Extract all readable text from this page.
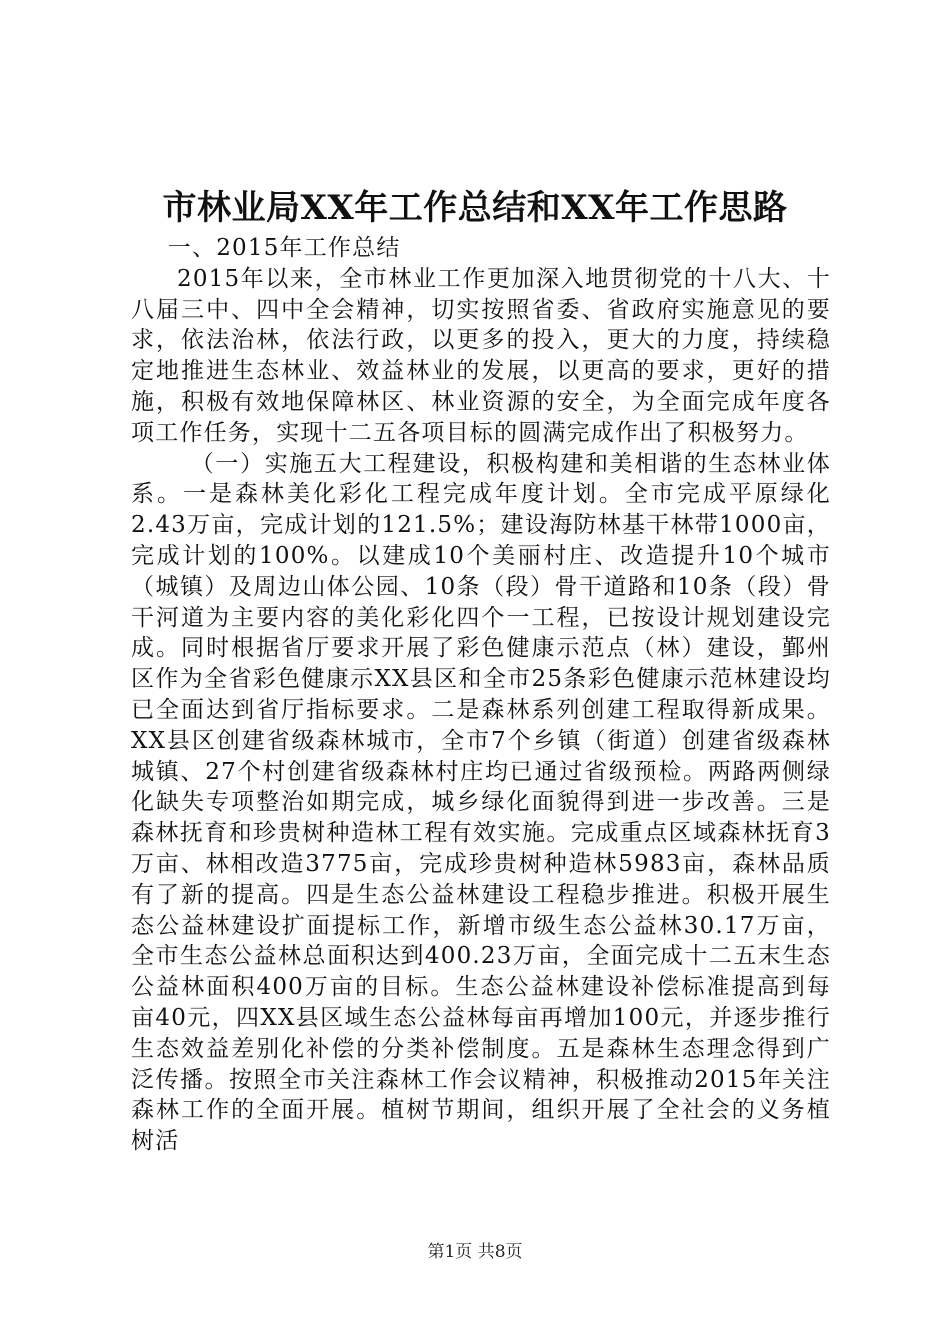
市林业局XX年工作总结和XX年工作思路

一、2015年工作总结

2015年以来，全市林业工作更加深入地贯彻党的十八大、十八届三中、四中全会精神，切实按照省委、省政府实施意见的要求，依法治林，依法行政，以更多的投入，更大的力度，持续稳定地推进生态林业、效益林业的发展，以更高的要求，更好的措施，积极有效地保障林区、林业资源的安全，为全面完成年度各项工作任务，实现十二五各项目标的圆满完成作出了积极努力。

（一）实施五大工程建设，积极构建和美相谐的生态林业体系。一是森林美化彩化工程完成年度计划。全市完成平原绿化2.43万亩，完成计划的121.5%；建设海防林基干林带1000亩，完成计划的100%。以建成10个美丽村庄、改造提升10个城市（城镇）及周边山体公园、10条（段）骨干道路和10条（段）骨干河道为主要内容的美化彩化四个一工程，已按设计规划建设完成。同时根据省厅要求开展了彩色健康示范点（林）建设，鄞州区作为全省彩色健康示XX县区和全市25条彩色健康示范林建设均已全面达到省厅指标要求。二是森林系列创建工程取得新成果。XX县区创建省级森林城市，全市7个乡镇（街道）创建省级森林城镇、27个村创建省级森林村庄均已通过省级预检。两路两侧绿化缺失专项整治如期完成，城乡绿化面貌得到进一步改善。三是森林抚育和珍贵树种造林工程有效实施。完成重点区域森林抚育3万亩、林相改造3775亩，完成珍贵树种造林5983亩，森林品质有了新的提高。四是生态公益林建设工程稳步推进。积极开展生态公益林建设扩面提标工作，新增市级生态公益林30.17万亩，全市生态公益林总面积达到400.23万亩，全面完成十二五末生态公益林面积400万亩的目标。生态公益林建设补偿标准提高到每亩40元，四XX县区域生态公益林每亩再增加100元，并逐步推行生态效益差别化补偿的分类补偿制度。五是森林生态理念得到广泛传播。按照全市关注森林工作会议精神，积极推动2015年关注森林工作的全面开展。植树节期间，组织开展了全社会的义务植树活

第1页 共8页
